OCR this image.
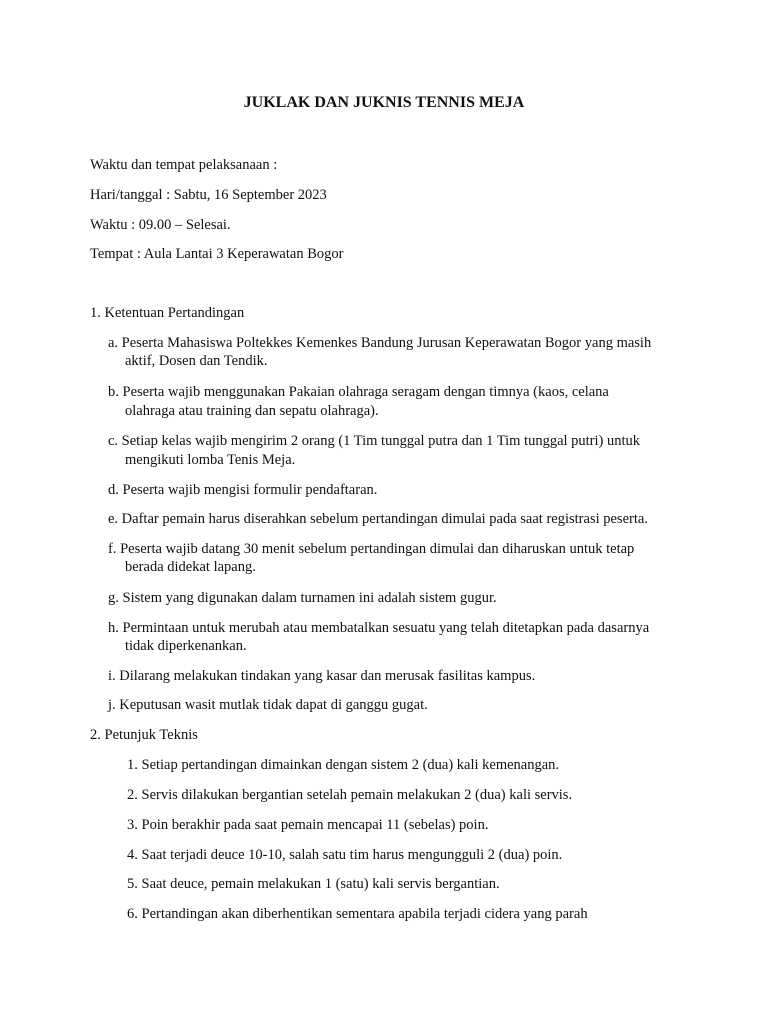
JUKLAK DAN JUKNIS TENNIS MEJA
Waktu dan tempat pelaksanaan :
Hari/tanggal : Sabtu, 16 September 2023
Waktu : 09.00 – Selesai.
Tempat : Aula Lantai 3 Keperawatan Bogor
1. Ketentuan Pertandingan
a. Peserta Mahasiswa Poltekkes Kemenkes Bandung Jurusan Keperawatan Bogor yang masih
aktif, Dosen dan Tendik.
b. Peserta wajib menggunakan Pakaian olahraga seragam dengan timnya (kaos, celana
olahraga atau training dan sepatu olahraga).
c. Setiap kelas wajib mengirim 2 orang (1 Tim tunggal putra dan 1 Tim tunggal putri) untuk
mengikuti lomba Tenis Meja.
d. Peserta wajib mengisi formulir pendaftaran.
e. Daftar pemain harus diserahkan sebelum pertandingan dimulai pada saat registrasi peserta.
f. Peserta wajib datang 30 menit sebelum pertandingan dimulai dan diharuskan untuk tetap
berada didekat lapang.
g. Sistem yang digunakan dalam turnamen ini adalah sistem gugur.
h. Permintaan untuk merubah atau membatalkan sesuatu yang telah ditetapkan pada dasarnya
tidak diperkenankan.
i. Dilarang melakukan tindakan yang kasar dan merusak fasilitas kampus.
j. Keputusan wasit mutlak tidak dapat di ganggu gugat.
2. Petunjuk Teknis
1. Setiap pertandingan dimainkan dengan sistem 2 (dua) kali kemenangan.
2. Servis dilakukan bergantian setelah pemain melakukan 2 (dua) kali servis.
3. Poin berakhir pada saat pemain mencapai 11 (sebelas) poin.
4. Saat terjadi deuce 10-10, salah satu tim harus mengungguli 2 (dua) poin.
5. Saat deuce, pemain melakukan 1 (satu) kali servis bergantian.
6. Pertandingan akan diberhentikan sementara apabila terjadi cidera yang parah
